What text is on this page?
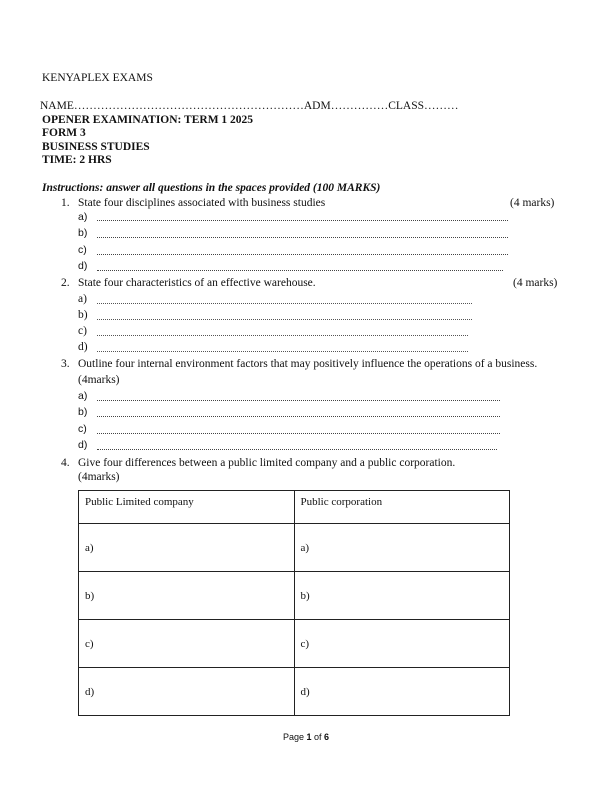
KENYAPLEX EXAMS
NAME……………………………………………………ADM……………CLASS………
OPENER EXAMINATION: TERM 1 2025
FORM 3
BUSINESS STUDIES
TIME: 2 HRS
Instructions: answer all questions in the spaces provided (100 MARKS)
1. State four disciplines associated with business studies	(4 marks)
a)
b)
c)
d)
2. State four characteristics of an effective warehouse.	(4 marks)
a)
b)
c)
d)
3. Outline four internal environment factors that may positively influence the operations of a business.
(4marks)
a)
b)
c)
d)
4. Give four differences between a public limited company and a public corporation.
(4marks)
Public Limited company	Public corporation
a)	a)
b)	b)
c)	c)
d)	d)
Page 1 of 6
